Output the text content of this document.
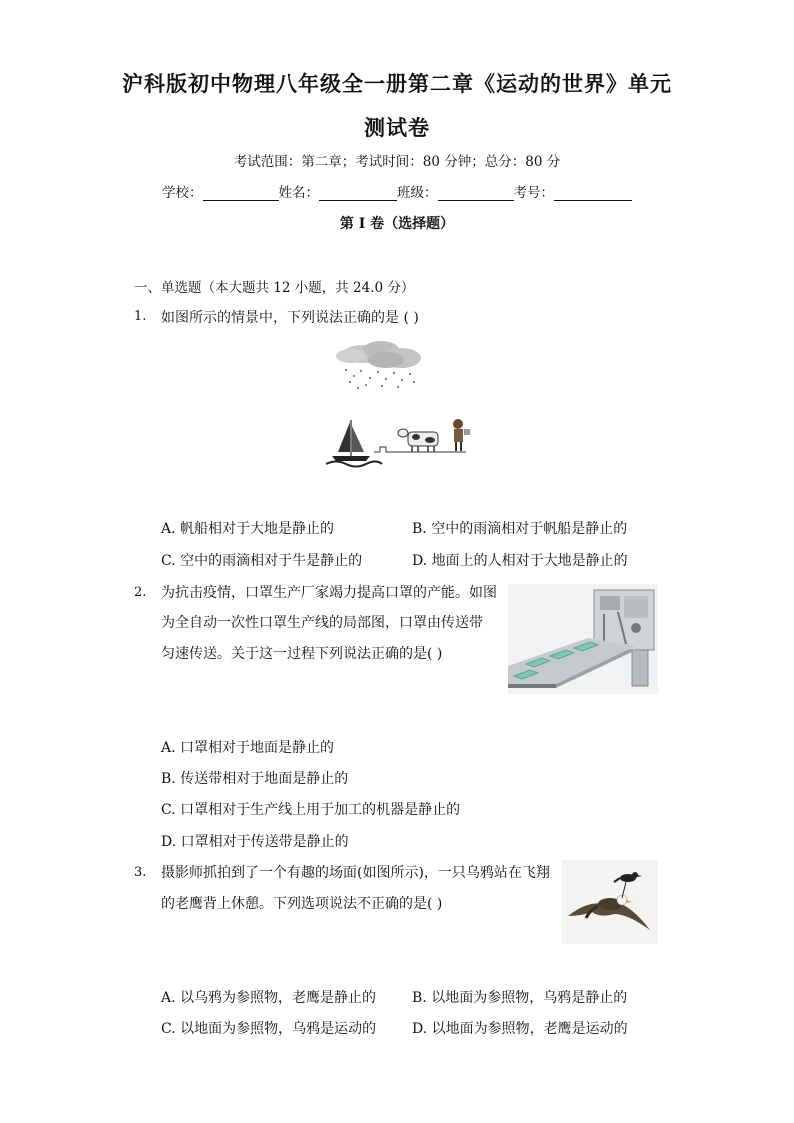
沪科版初中物理八年级全一册第二章《运动的世界》单元
测试卷
考试范围：第二章；考试时间：80 分钟；总分：80 分
学校：	姓名：	班级：	考号：
第 I 卷（选择题）
一、单选题（本大题共 12 小题，共 24.0 分）
1. 如图所示的情景中，下列说法正确的是 ( )
A. 帆船相对于大地是静止的	B. 空中的雨滴相对于帆船是静止的
C. 空中的雨滴相对于牛是静止的	D. 地面上的人相对于大地是静止的
2. 为抗击疫情，口罩生产厂家竭力提高口罩的产能。如图
为全自动一次性口罩生产线的局部图，口罩由传送带
匀速传送。关于这一过程下列说法正确的是( )
A. 口罩相对于地面是静止的
B. 传送带相对于地面是静止的
C. 口罩相对于生产线上用于加工的机器是静止的
D. 口罩相对于传送带是静止的
3. 摄影师抓拍到了一个有趣的场面(如图所示)，一只乌鸦站在飞翔
的老鹰背上休憩。下列选项说法不正确的是( )
A. 以乌鸦为参照物，老鹰是静止的	B. 以地面为参照物，乌鸦是静止的
C. 以地面为参照物，乌鸦是运动的	D. 以地面为参照物，老鹰是运动的
